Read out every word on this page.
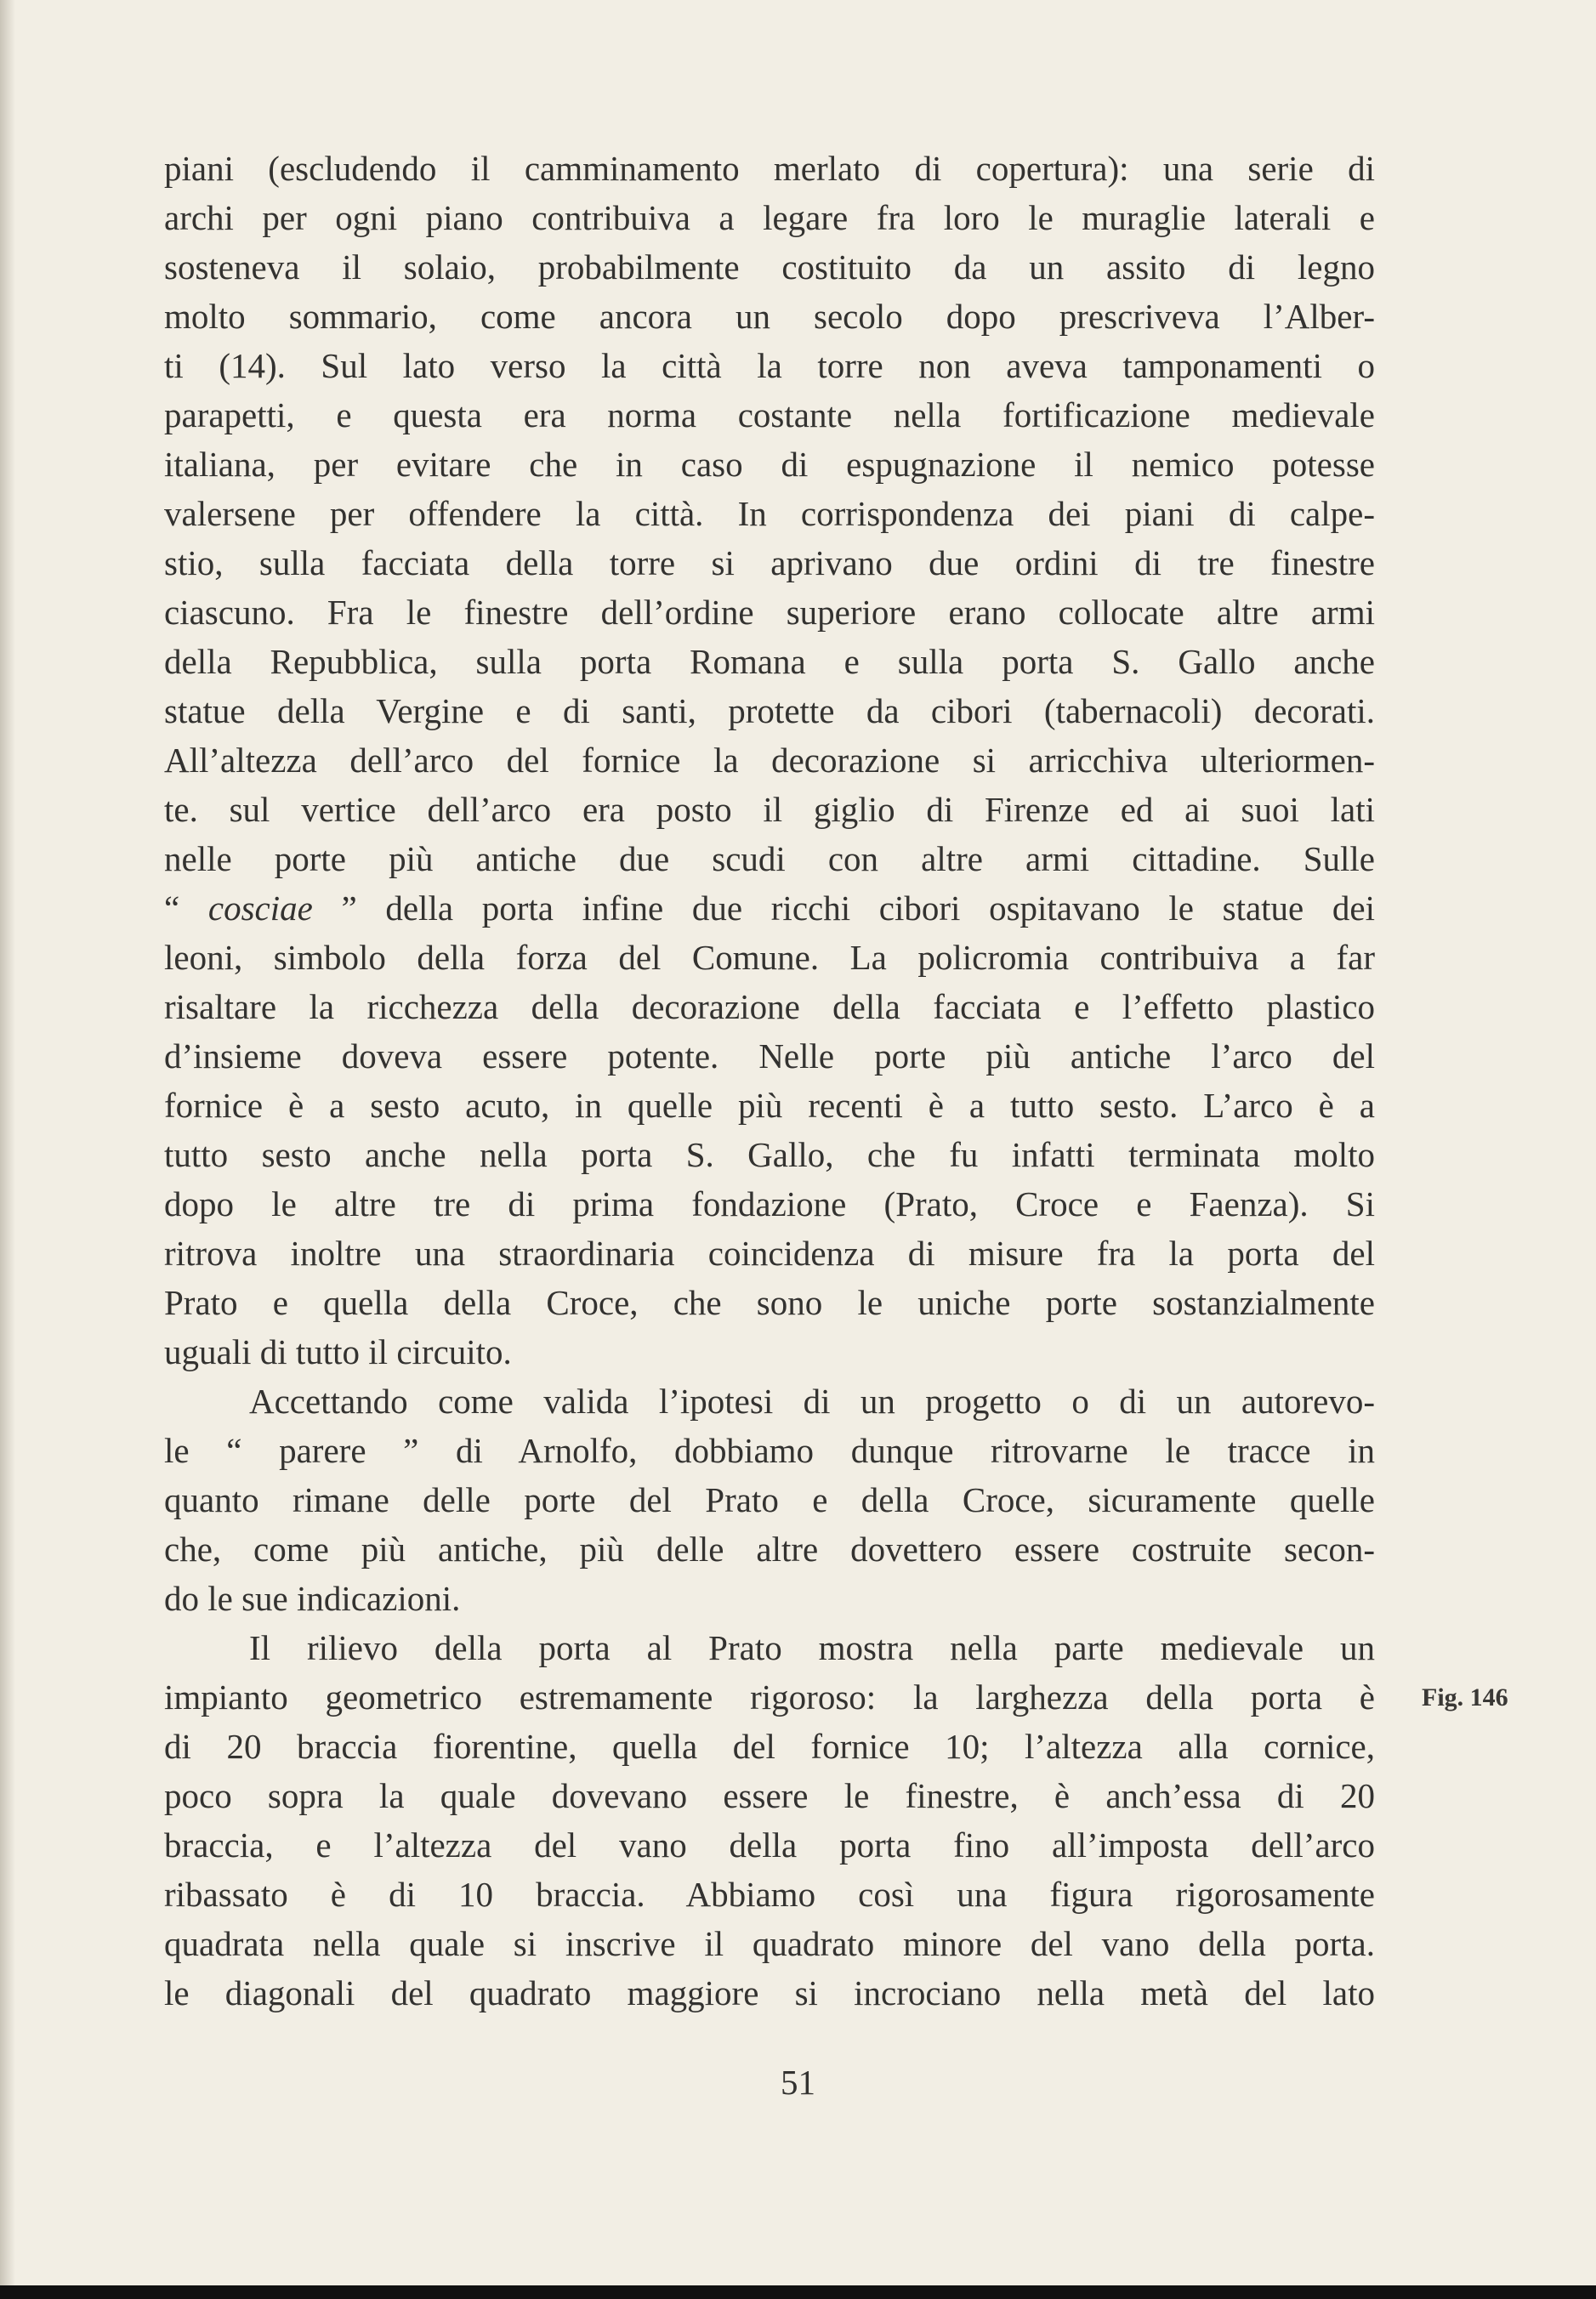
piani (escludendo il camminamento merlato di copertura): una serie di
archi per ogni piano contribuiva a legare fra loro le muraglie laterali e
sosteneva il solaio, probabilmente costituito da un assito di legno
molto sommario, come ancora un secolo dopo prescriveva l’Alber-
ti (14). Sul lato verso la città la torre non aveva tamponamenti o
parapetti, e questa era norma costante nella fortificazione medievale
italiana, per evitare che in caso di espugnazione il nemico potesse
valersene per offendere la città. In corrispondenza dei piani di calpe-
stio, sulla facciata della torre si aprivano due ordini di tre finestre
ciascuno. Fra le finestre dell’ordine superiore erano collocate altre armi
della Repubblica, sulla porta Romana e sulla porta S. Gallo anche
statue della Vergine e di santi, protette da cibori (tabernacoli) decorati.
All’altezza dell’arco del fornice la decorazione si arricchiva ulteriormen-
te. sul vertice dell’arco era posto il giglio di Firenze ed ai suoi lati
nelle porte più antiche due scudi con altre armi cittadine. Sulle
“ cosciae ” della porta infine due ricchi cibori ospitavano le statue dei
leoni, simbolo della forza del Comune. La policromia contribuiva a far
risaltare la ricchezza della decorazione della facciata e l’effetto plastico
d’insieme doveva essere potente. Nelle porte più antiche l’arco del
fornice è a sesto acuto, in quelle più recenti è a tutto sesto. L’arco è a
tutto sesto anche nella porta S. Gallo, che fu infatti terminata molto
dopo le altre tre di prima fondazione (Prato, Croce e Faenza). Si
ritrova inoltre una straordinaria coincidenza di misure fra la porta del
Prato e quella della Croce, che sono le uniche porte sostanzialmente
uguali di tutto il circuito.
Accettando come valida l’ipotesi di un progetto o di un autorevo-
le “ parere ” di Arnolfo, dobbiamo dunque ritrovarne le tracce in
quanto rimane delle porte del Prato e della Croce, sicuramente quelle
che, come più antiche, più delle altre dovettero essere costruite secon-
do le sue indicazioni.
Il rilievo della porta al Prato mostra nella parte medievale un
impianto geometrico estremamente rigoroso: la larghezza della porta è
di 20 braccia fiorentine, quella del fornice 10; l’altezza alla cornice,
poco sopra la quale dovevano essere le finestre, è anch’essa di 20
braccia, e l’altezza del vano della porta fino all’imposta dell’arco
ribassato è di 10 braccia. Abbiamo così una figura rigorosamente
quadrata nella quale si inscrive il quadrato minore del vano della porta.
le diagonali del quadrato maggiore si incrociano nella metà del lato
Fig. 146
51
